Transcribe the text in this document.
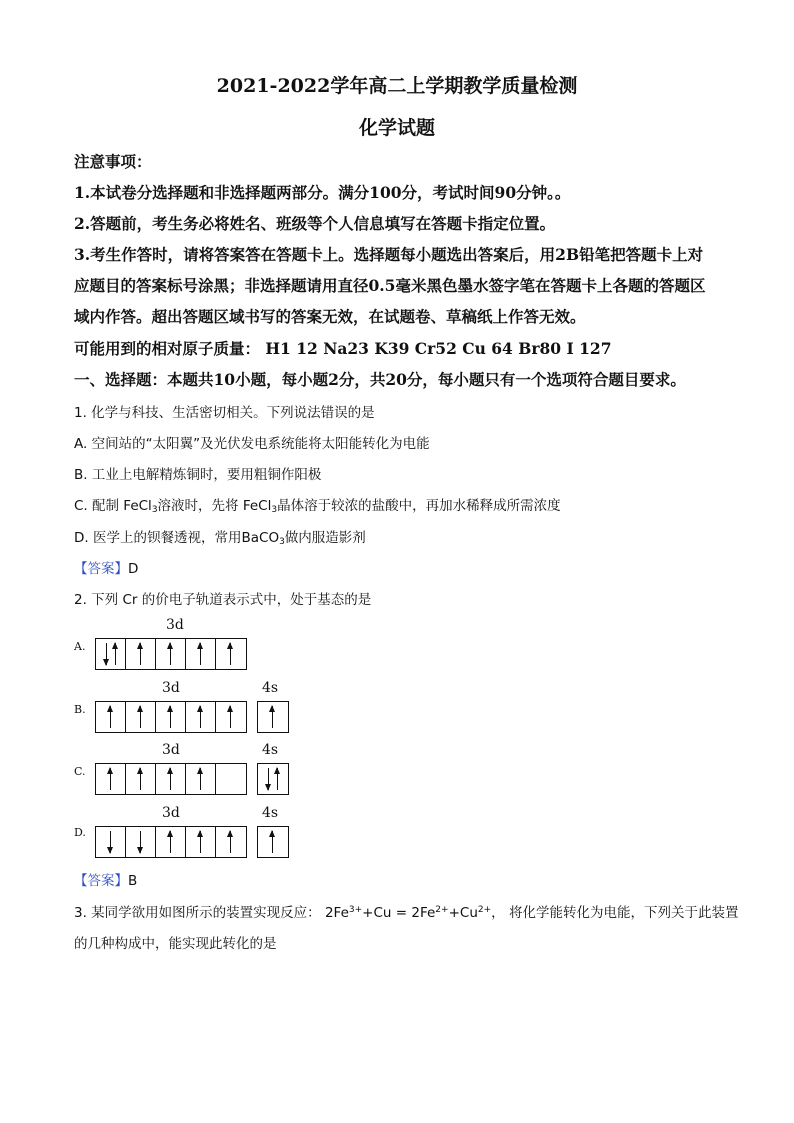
2021-2022学年高二上学期教学质量检测
化学试题
注意事项：
1.本试卷分选择题和非选择题两部分。满分100分，考试时间90分钟。。
2.答题前，考生务必将姓名、班级等个人信息填写在答题卡指定位置。
3.考生作答时，请将答案答在答题卡上。选择题每小题选出答案后，用2B铅笔把答题卡上对
应题目的答案标号涂黑；非选择题请用直径0.5毫米黑色墨水签字笔在答题卡上各题的答题区
域内作答。超出答题区域书写的答案无效，在试题卷、草稿纸上作答无效。
可能用到的相对原子质量： H1 12 Na23 K39 Cr52 Cu 64 Br80 I 127
一、选择题：本题共10小题，每小题2分，共20分，每小题只有一个选项符合题目要求。
1. 化学与科技、生活密切相关。下列说法错误的是
A. 空间站的“太阳翼”及光伏发电系统能将太阳能转化为电能
B. 工业上电解精炼铜时，要用粗铜作阳极
C. 配制 FeCl$_3$溶液时，先将 FeCl$_3$晶体溶于较浓的盐酸中，再加水稀释成所需浓度
D. 医学上的钡餐透视，常用BaCO$_3$做内服造影剂
【答案】D
2. 下列 Cr 的价电子轨道表示式中，处于基态的是
3d
A.
3d	4s
B.
3d	4s
C.
3d	4s
D.
【答案】B
3. 某同学欲用如图所示的装置实现反应： $2Fe^{3+}+Cu = 2Fe^{2+}+Cu^{2+}$， 将化学能转化为电能，下列关于此装置
的几种构成中，能实现此转化的是
